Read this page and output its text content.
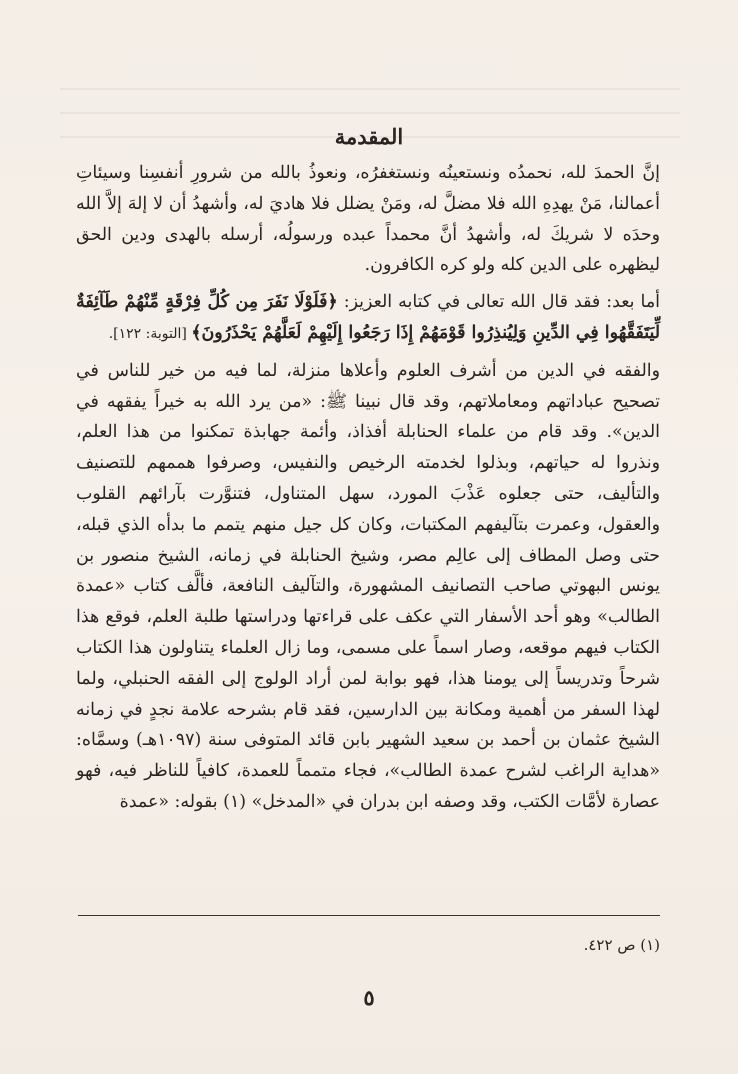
المقدمة

إنَّ الحمدَ لله، نحمدُه ونستعينُه ونستغفرُه، ونعوذُ بالله من شرورِ أنفسِنا وسيئاتِ أعمالنا، مَنْ يهدِهِ الله فلا مضلَّ له، ومَنْ يضلل فلا هاديَ له، وأشهدُ أن لا إلهَ إلاَّ الله وحدَه لا شريكَ له، وأشهدُ أنَّ محمداً عبده ورسولُه، أرسله بالهدى ودين الحق ليظهره على الدين كله ولو كره الكافرون.

أما بعد: فقد قال الله تعالى في كتابه العزيز: ﴿فَلَوْلَا نَفَرَ مِن كُلِّ فِرْقَةٍ مِّنْهُمْ طَآئِفَةٌ لِّيَتَفَقَّهُوا فِي الدِّينِ وَلِيُنذِرُوا قَوْمَهُمْ إِذَا رَجَعُوا إِلَيْهِمْ لَعَلَّهُمْ يَحْذَرُونَ﴾ [التوبة: ١٢٢].

والفقه في الدين من أشرف العلوم وأعلاها منزلة، لما فيه من خير للناس في تصحيح عباداتهم ومعاملاتهم، وقد قال نبينا ﷺ: «من يرد الله به خيراً يفقهه في الدين». وقد قام من علماء الحنابلة أفذاذ، وأئمة جهابذة تمكنوا من هذا العلم، ونذروا له حياتهم، وبذلوا لخدمته الرخيص والنفيس، وصرفوا هممهم للتصنيف والتأليف، حتى جعلوه عَذْبَ المورد، سهل المتناول، فتنوَّرت بآرائهم القلوب والعقول، وعمرت بتآليفهم المكتبات، وكان كل جيل منهم يتمم ما بدأه الذي قبله، حتى وصل المطاف إلى عالِم مصر، وشيخ الحنابلة في زمانه، الشيخ منصور بن يونس البهوتي صاحب التصانيف المشهورة، والتآليف النافعة، فألَّف كتاب «عمدة الطالب» وهو أحد الأسفار التي عكف على قراءتها ودراستها طلبة العلم، فوقع هذا الكتاب فيهم موقعه، وصار اسماً على مسمى، وما زال العلماء يتناولون هذا الكتاب شرحاً وتدريساً إلى يومنا هذا، فهو بوابة لمن أراد الولوج إلى الفقه الحنبلي، ولما لهذا السفر من أهمية ومكانة بين الدارسين، فقد قام بشرحه علامة نجدٍ في زمانه الشيخ عثمان بن أحمد بن سعيد الشهير بابن قائد المتوفى سنة (١٠٩٧هـ) وسمَّاه: «هداية الراغب لشرح عمدة الطالب»، فجاء متمماً للعمدة، كافياً للناظر فيه، فهو عصارة لأمَّات الكتب، وقد وصفه ابن بدران في «المدخل» (١) بقوله: «عمدة

(١) ص ٤٢٢.
٥
